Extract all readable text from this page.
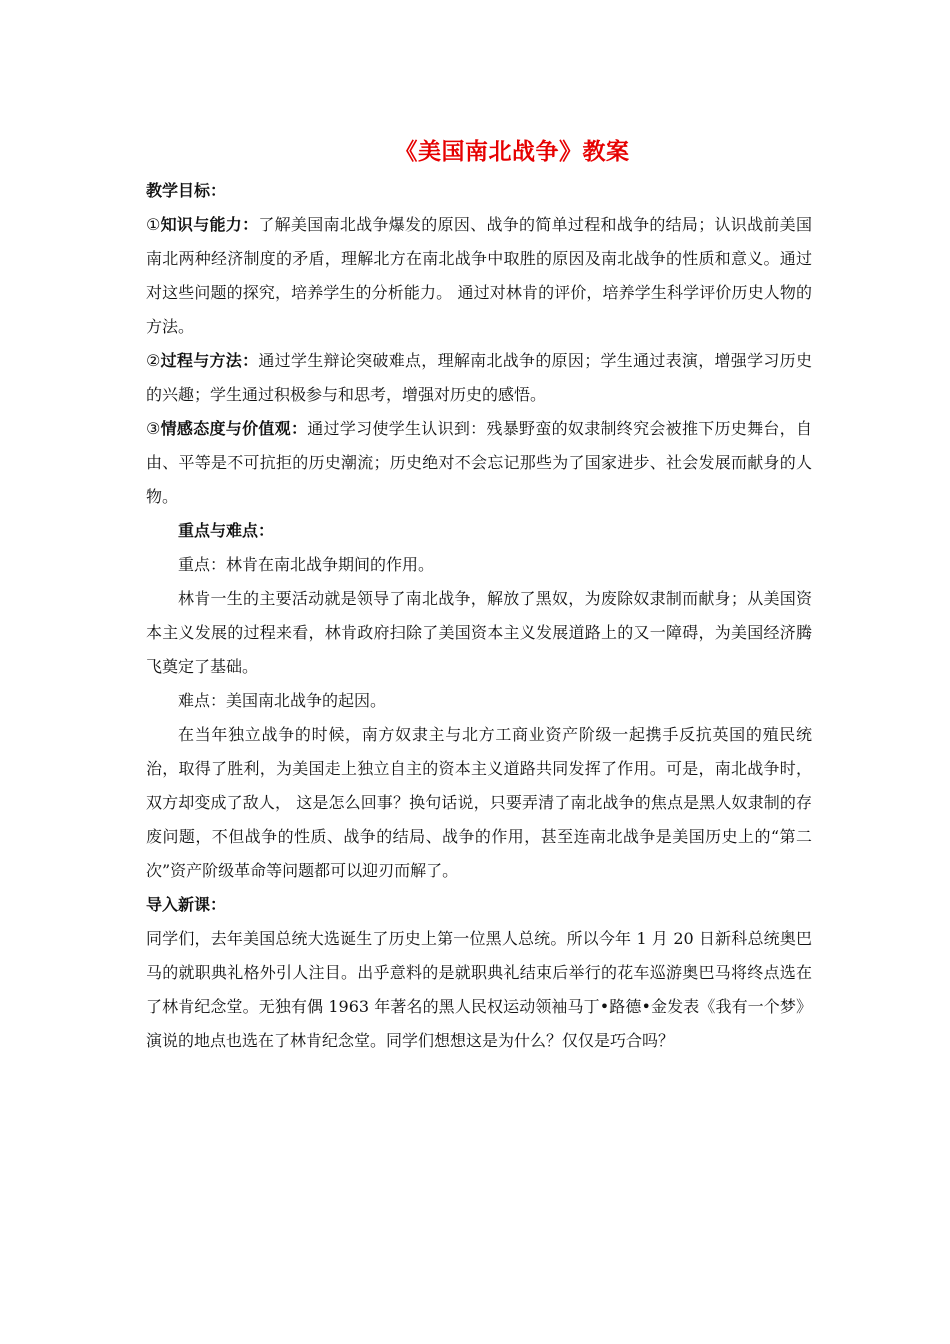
《美国南北战争》教案

教学目标：

①知识与能力：了解美国南北战争爆发的原因、战争的简单过程和战争的结局；认识战前美国南北两种经济制度的矛盾，理解北方在南北战争中取胜的原因及南北战争的性质和意义。通过对这些问题的探究，培养学生的分析能力。 通过对林肯的评价，培养学生科学评价历史人物的方法。

②过程与方法：通过学生辩论突破难点，理解南北战争的原因；学生通过表演，增强学习历史的兴趣；学生通过积极参与和思考，增强对历史的感悟。

③情感态度与价值观：通过学习使学生认识到：残暴野蛮的奴隶制终究会被推下历史舞台，自由、平等是不可抗拒的历史潮流；历史绝对不会忘记那些为了国家进步、社会发展而献身的人物。

重点与难点：

重点：林肯在南北战争期间的作用。

林肯一生的主要活动就是领导了南北战争，解放了黑奴，为废除奴隶制而献身；从美国资本主义发展的过程来看，林肯政府扫除了美国资本主义发展道路上的又一障碍，为美国经济腾飞奠定了基础。

难点：美国南北战争的起因。

在当年独立战争的时候，南方奴隶主与北方工商业资产阶级一起携手反抗英国的殖民统治，取得了胜利，为美国走上独立自主的资本主义道路共同发挥了作用。可是，南北战争时，双方却变成了敌人， 这是怎么回事？换句话说，只要弄清了南北战争的焦点是黑人奴隶制的存废问题，不但战争的性质、战争的结局、战争的作用，甚至连南北战争是美国历史上的“第二次”资产阶级革命等问题都可以迎刃而解了。

导入新课：

同学们，去年美国总统大选诞生了历史上第一位黑人总统。所以今年 1 月 20 日新科总统奥巴马的就职典礼格外引人注目。出乎意料的是就职典礼结束后举行的花车巡游奥巴马将终点选在了林肯纪念堂。无独有偶 1963 年著名的黑人民权运动领袖马丁•路德•金发表《我有一个梦》演说的地点也选在了林肯纪念堂。同学们想想这是为什么？仅仅是巧合吗？
